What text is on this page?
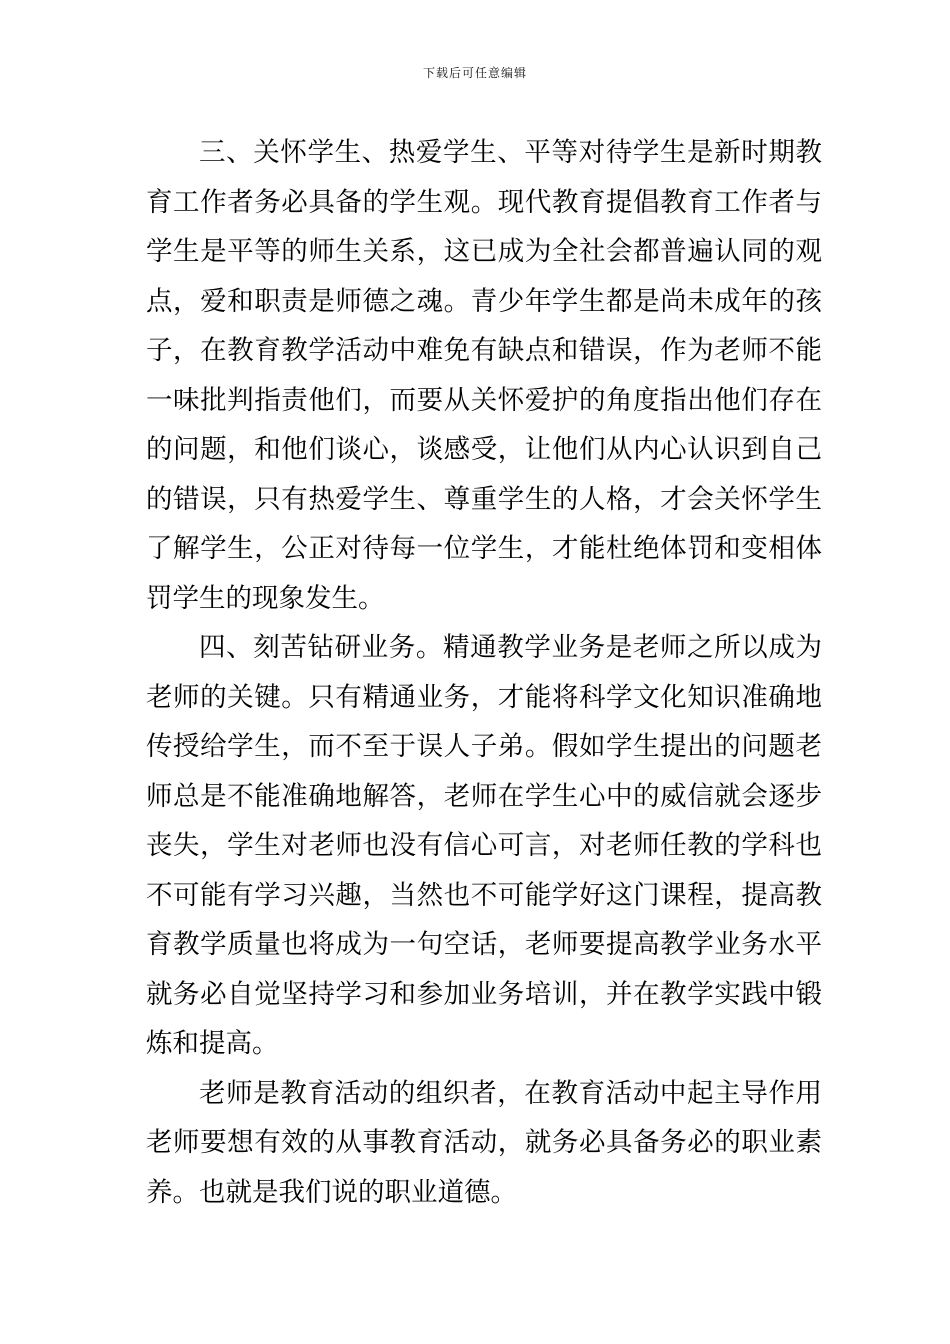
下载后可任意编辑

三、关怀学生、热爱学生、平等对待学生是新时期教育工作者务必具备的学生观。现代教育提倡教育工作者与学生是平等的师生关系，这已成为全社会都普遍认同的观点，爱和职责是师德之魂。青少年学生都是尚未成年的孩子，在教育教学活动中难免有缺点和错误，作为老师不能一味批判指责他们，而要从关怀爱护的角度指出他们存在的问题，和他们谈心，谈感受，让他们从内心认识到自己的错误，只有热爱学生、尊重学生的人格，才会关怀学生了解学生，公正对待每一位学生，才能杜绝体罚和变相体罚学生的现象发生。

四、刻苦钻研业务。精通教学业务是老师之所以成为老师的关键。只有精通业务，才能将科学文化知识准确地传授给学生，而不至于误人子弟。假如学生提出的问题老师总是不能准确地解答，老师在学生心中的威信就会逐步丧失，学生对老师也没有信心可言，对老师任教的学科也不可能有学习兴趣，当然也不可能学好这门课程，提高教育教学质量也将成为一句空话，老师要提高教学业务水平就务必自觉坚持学习和参加业务培训，并在教学实践中锻炼和提高。

老师是教育活动的组织者，在教育活动中起主导作用老师要想有效的从事教育活动，就务必具备务必的职业素养。也就是我们说的职业道德。
